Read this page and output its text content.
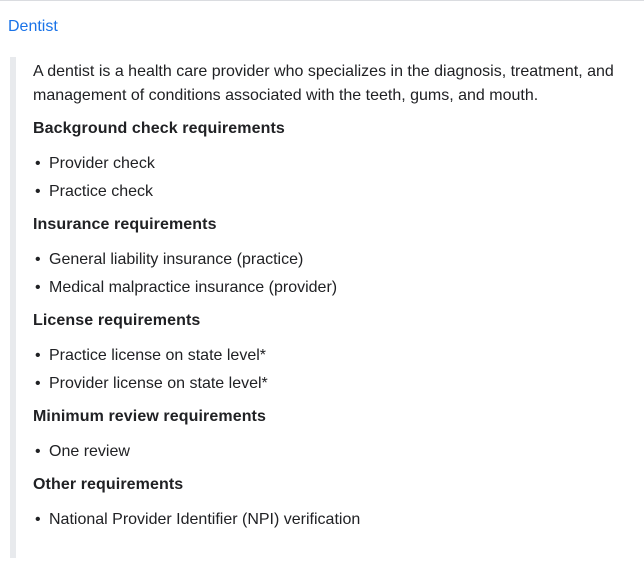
Dentist

A dentist is a health care provider who specializes in the diagnosis, treatment, and management of conditions associated with the teeth, gums, and mouth.

Background check requirements
• Provider check
• Practice check
Insurance requirements
• General liability insurance (practice)
• Medical malpractice insurance (provider)
License requirements
• Practice license on state level*
• Provider license on state level*
Minimum review requirements
• One review
Other requirements
• National Provider Identifier (NPI) verification
